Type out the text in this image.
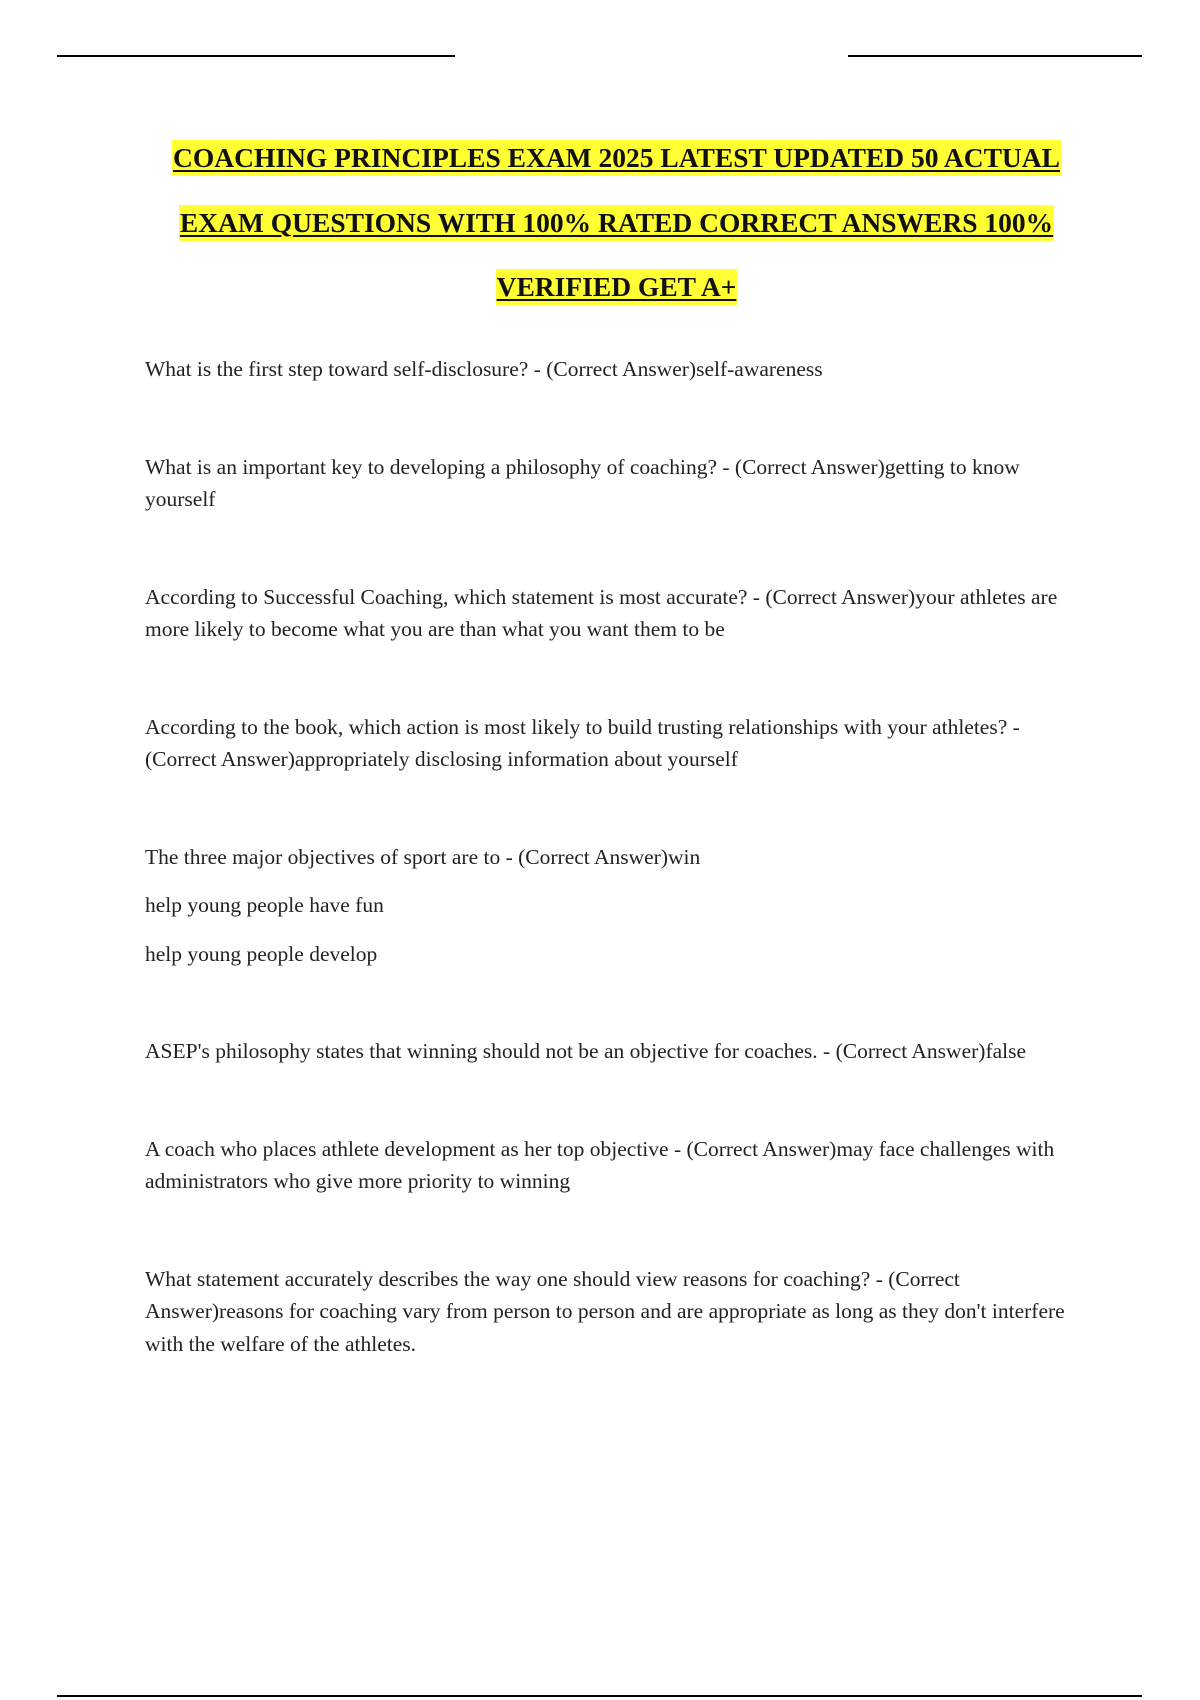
COACHING PRINCIPLES EXAM 2025 LATEST UPDATED 50 ACTUAL
EXAM QUESTIONS WITH 100% RATED CORRECT ANSWERS 100%
VERIFIED GET A+
What is the first step toward self-disclosure? - (Correct Answer)self-awareness
What is an important key to developing a philosophy of coaching? - (Correct Answer)getting to know yourself
According to Successful Coaching, which statement is most accurate? - (Correct Answer)your athletes are more likely to become what you are than what you want them to be
According to the book, which action is most likely to build trusting relationships with your athletes? - (Correct Answer)appropriately disclosing information about yourself
The three major objectives of sport are to - (Correct Answer)win
help young people have fun
help young people develop
ASEP's philosophy states that winning should not be an objective for coaches. - (Correct Answer)false
A coach who places athlete development as her top objective - (Correct Answer)may face challenges with administrators who give more priority to winning
What statement accurately describes the way one should view reasons for coaching? - (Correct Answer)reasons for coaching vary from person to person and are appropriate as long as they don't interfere with the welfare of the athletes.
